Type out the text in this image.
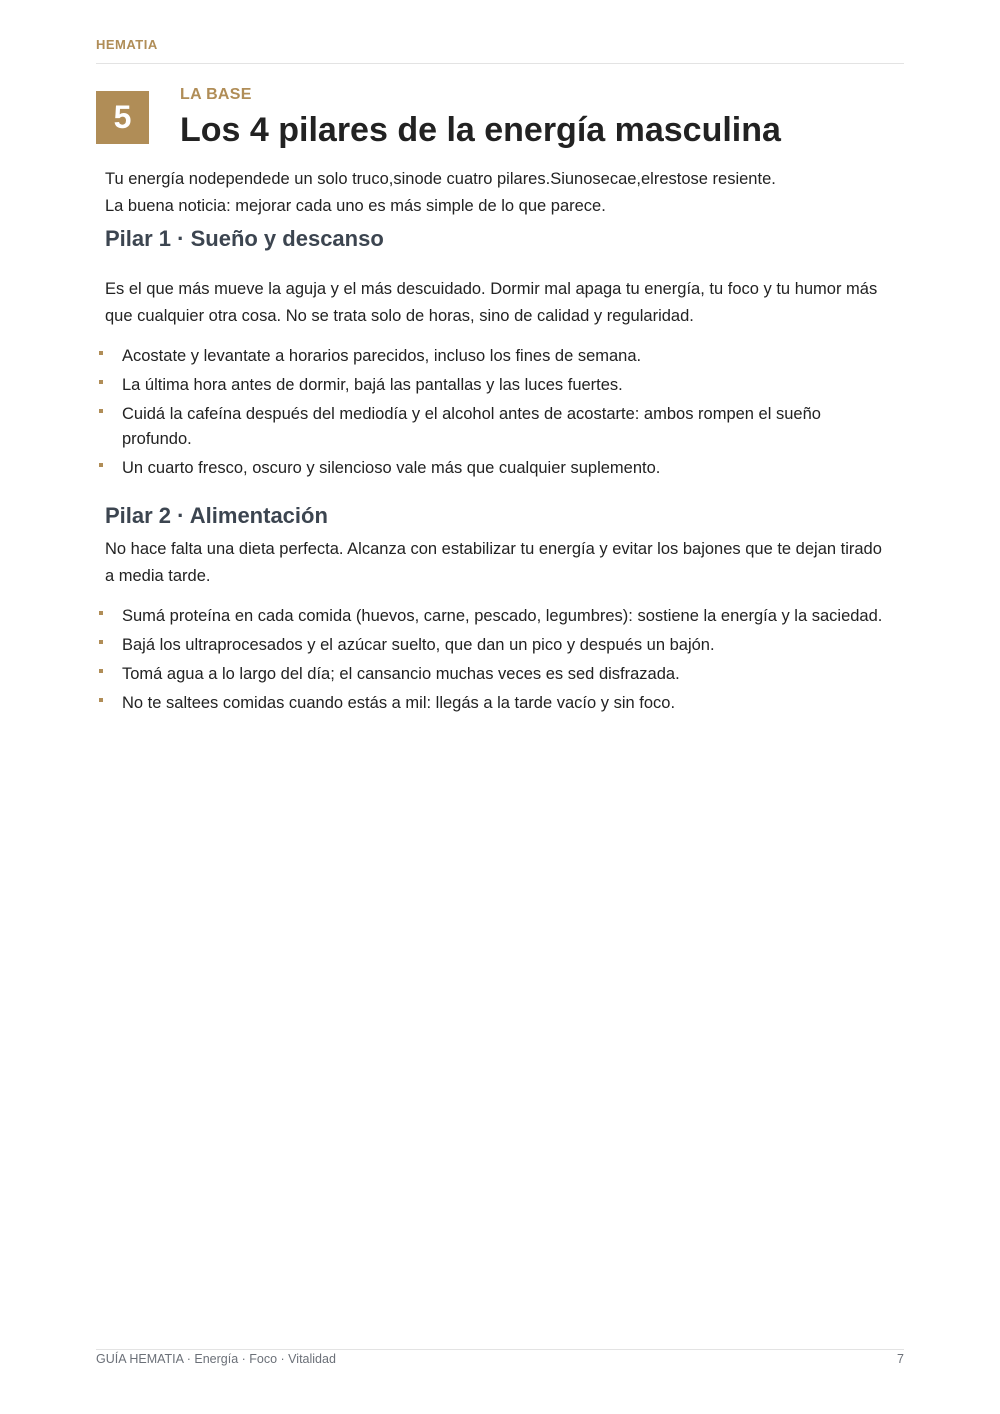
HEMATIA
5
LA BASE
Los 4 pilares de la energía masculina

Tu energía nodependede un solo truco,sinode cuatro pilares.Siunosecae,elrestose resiente.

La buena noticia: mejorar cada uno es más simple de lo que parece.

Pilar 1 · Sueño y descanso

Es el que más mueve la aguja y el más descuidado. Dormir mal apaga tu energía, tu foco y tu humor más que cualquier otra cosa. No se trata solo de horas, sino de calidad y regularidad.

Acostate y levantate a horarios parecidos, incluso los fines de semana.
La última hora antes de dormir, bajá las pantallas y las luces fuertes.
Cuidá la cafeína después del mediodía y el alcohol antes de acostarte: ambos rompen el sueño profundo.
Un cuarto fresco, oscuro y silencioso vale más que cualquier suplemento.
Pilar 2 · Alimentación

No hace falta una dieta perfecta. Alcanza con estabilizar tu energía y evitar los bajones que te dejan tirado a media tarde.

Sumá proteína en cada comida (huevos, carne, pescado, legumbres): sostiene la energía y la saciedad.
Bajá los ultraprocesados y el azúcar suelto, que dan un pico y después un bajón.
Tomá agua a lo largo del día; el cansancio muchas veces es sed disfrazada.
No te saltees comidas cuando estás a mil: llegás a la tarde vacío y sin foco.
GUÍA HEMATIA · Energía · Foco · Vitalidad	7
